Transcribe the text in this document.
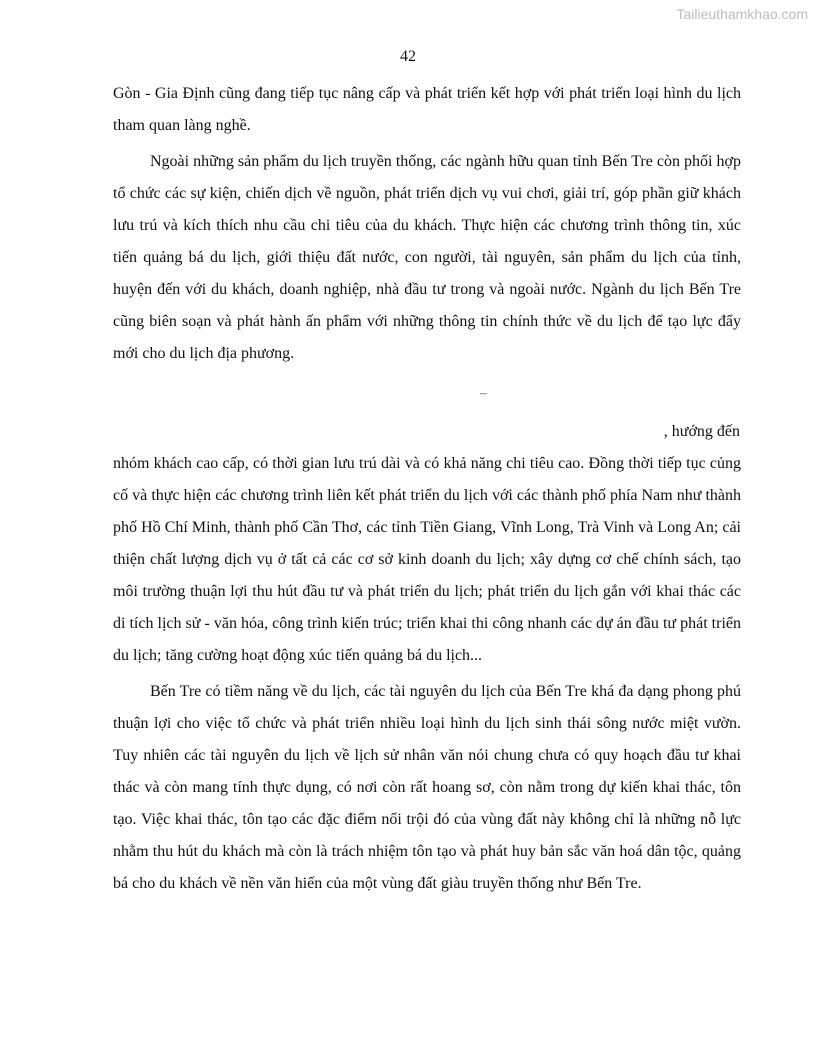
Tailieuthamkhao.com
42

Gòn - Gia Định cũng đang tiếp tục nâng cấp và phát triển kết hợp với phát triển loại hình du lịch tham quan làng nghề.

Ngoài những sản phẩm du lịch truyền thống, các ngành hữu quan tỉnh Bến Tre còn phối hợp tổ chức các sự kiện, chiến dịch về nguồn, phát triển dịch vụ vui chơi, giải trí, góp phần giữ khách lưu trú và kích thích nhu cầu chi tiêu của du khách. Thực hiện các chương trình thông tin, xúc tiến quảng bá du lịch, giới thiệu đất nước, con người, tài nguyên, sản phẩm du lịch của tỉnh, huyện đến với du khách, doanh nghiệp, nhà đầu tư trong và ngoài nước. Ngành du lịch Bến Tre cũng biên soạn và phát hành ấn phẩm với những thông tin chính thức về du lịch để tạo lực đẩy mới cho du lịch địa phương.

–
, hướng đến

nhóm khách cao cấp, có thời gian lưu trú dài và có khả năng chi tiêu cao. Đồng thời tiếp tục củng cố và thực hiện các chương trình liên kết phát triển du lịch với các thành phố phía Nam như thành phố Hồ Chí Minh, thành phố Cần Thơ, các tỉnh Tiền Giang, Vĩnh Long, Trà Vinh và Long An; cải thiện chất lượng dịch vụ ở tất cả các cơ sở kinh doanh du lịch; xây dựng cơ chế chính sách, tạo môi trường thuận lợi thu hút đầu tư và phát triển du lịch; phát triển du lịch gắn với khai thác các di tích lịch sử - văn hóa, công trình kiến trúc; triển khai thi công nhanh các dự án đầu tư phát triển du lịch; tăng cường hoạt động xúc tiến quảng bá du lịch...

Bến Tre có tiềm năng về du lịch, các tài nguyên du lịch của Bến Tre khá đa dạng phong phú thuận lợi cho việc tổ chức và phát triển nhiều loại hình du lịch sinh thái sông nước miệt vườn. Tuy nhiên các tài nguyên du lịch về lịch sử nhân văn nói chung chưa có quy hoạch đầu tư khai thác và còn mang tính thực dụng, có nơi còn rất hoang sơ, còn nằm trong dự kiến khai thác, tôn tạo. Việc khai thác, tôn tạo các đặc điểm nổi trội đó của vùng đất này không chỉ là những nỗ lực nhằm thu hút du khách mà còn là trách nhiệm tôn tạo và phát huy bản sắc văn hoá dân tộc, quảng bá cho du khách về nền văn hiến của một vùng đất giàu truyền thống như Bến Tre.
